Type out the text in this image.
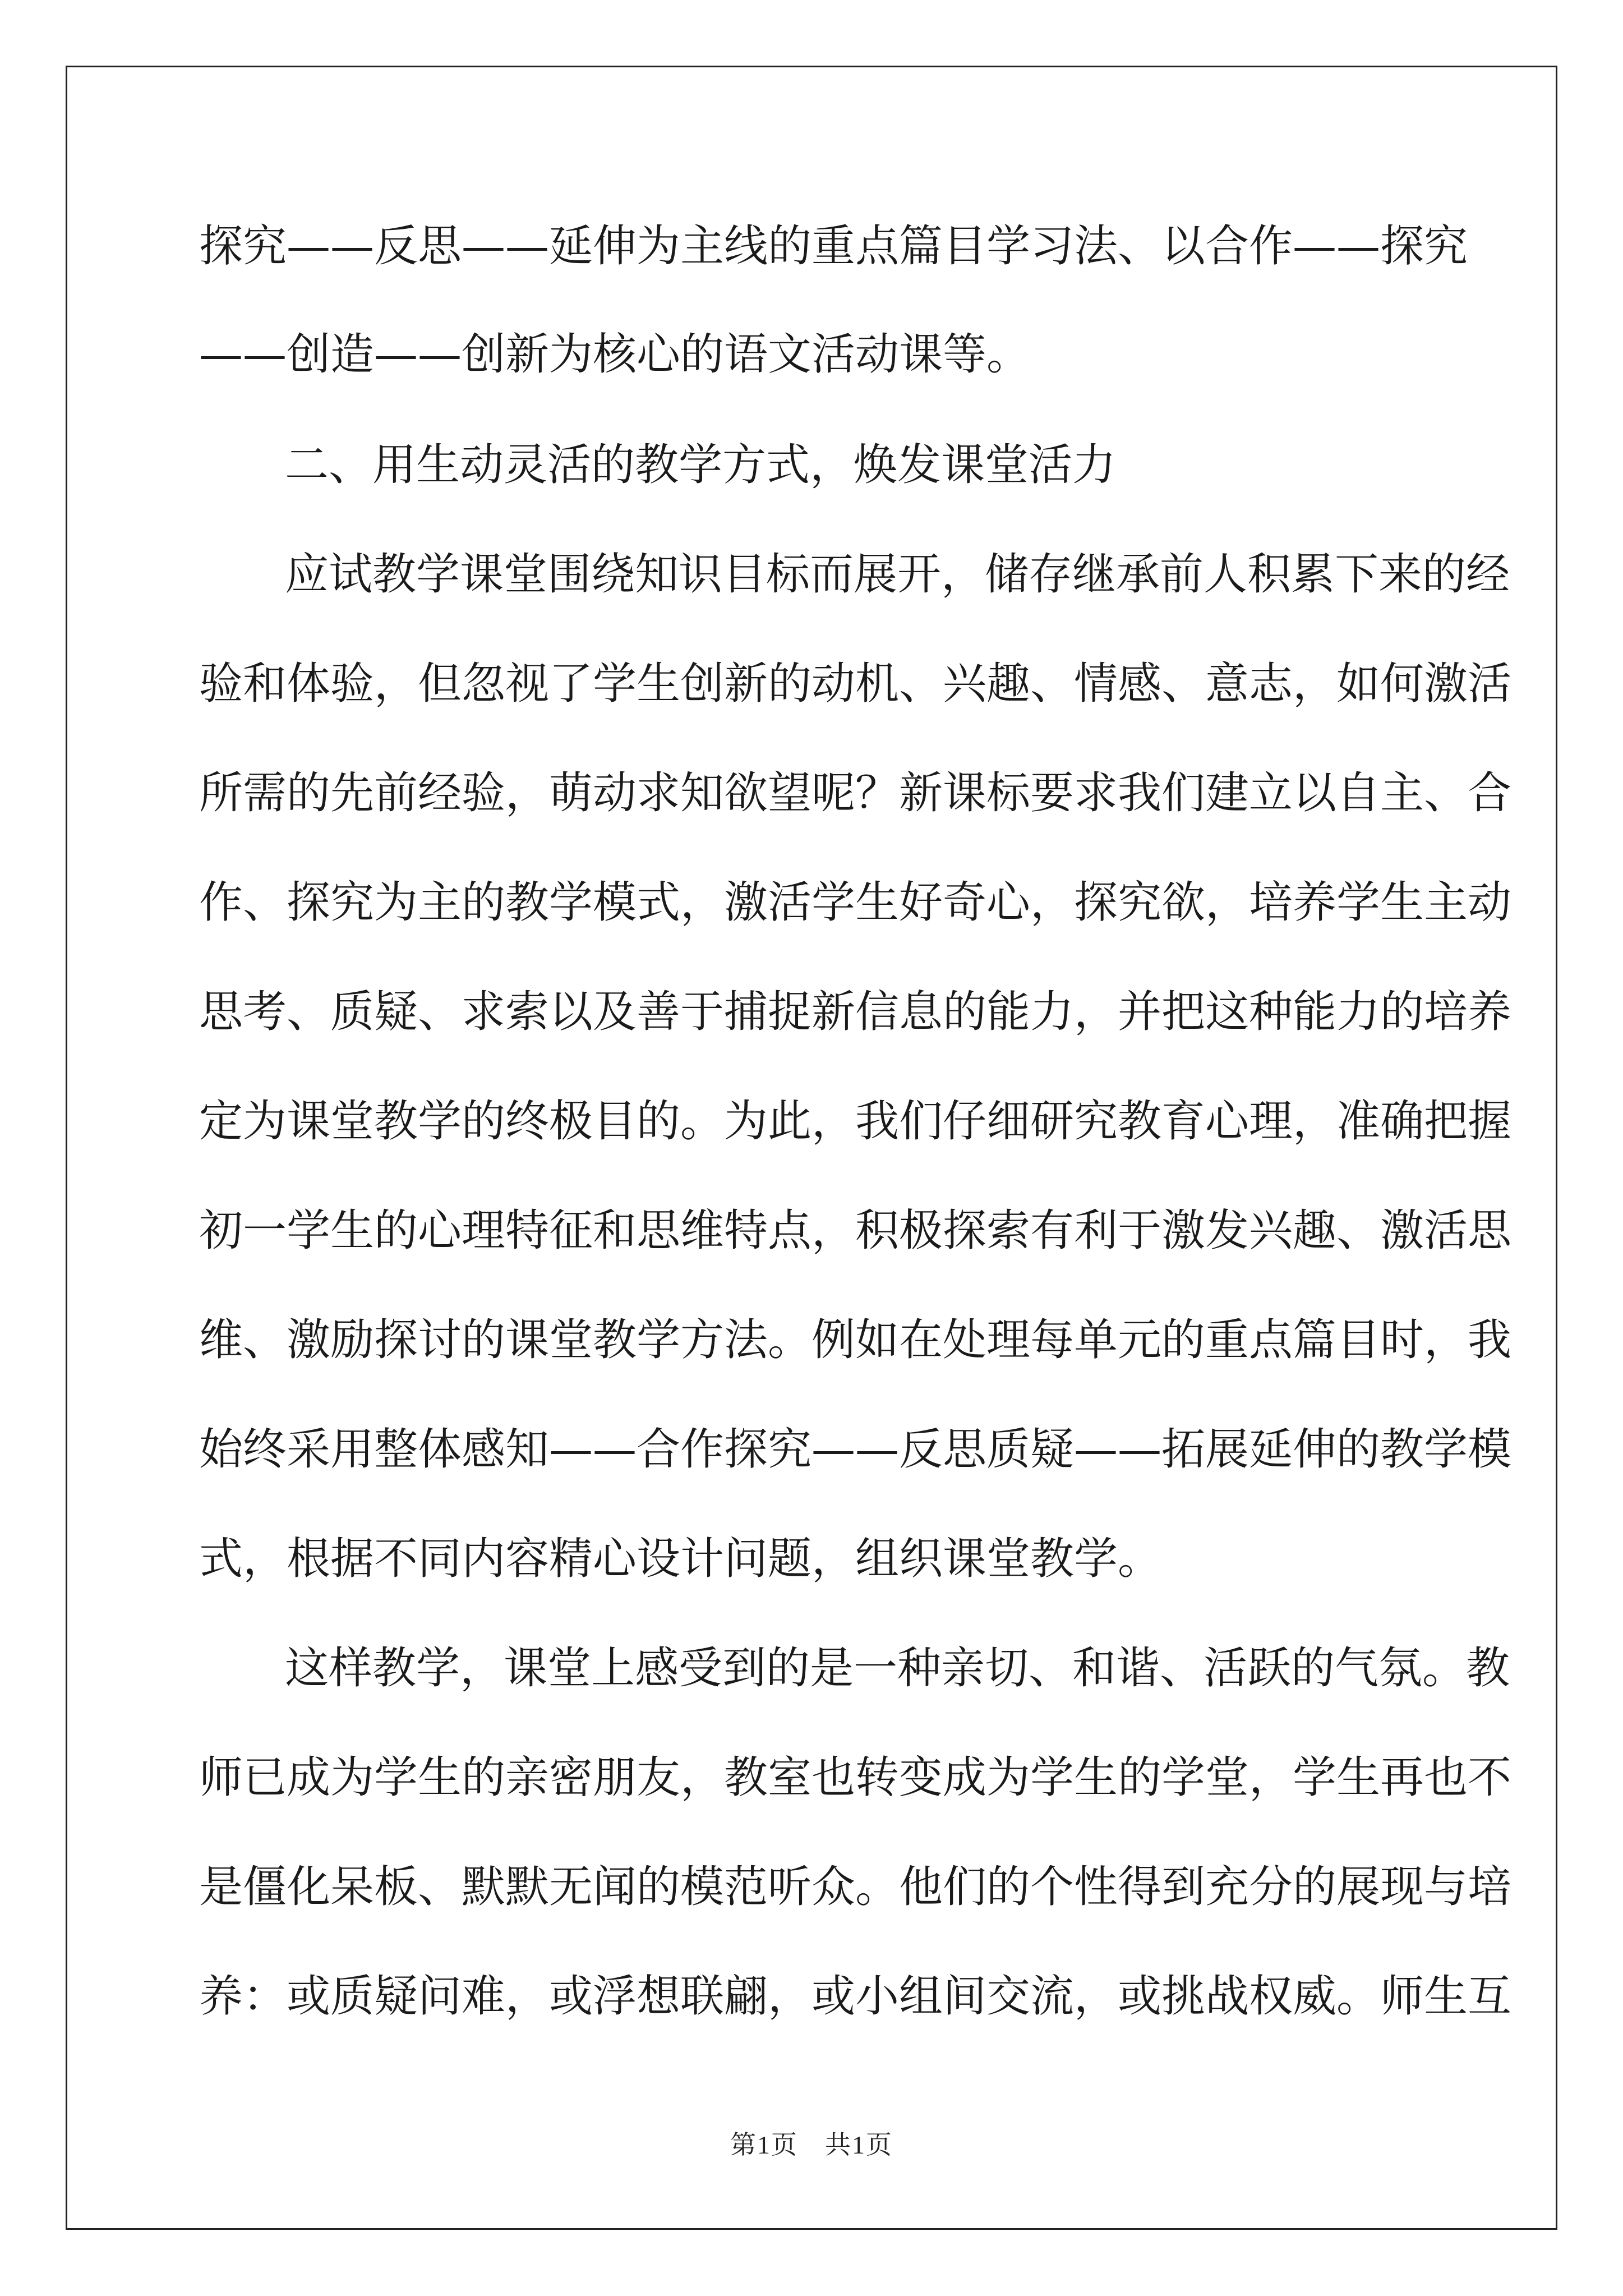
探究——反思——延伸为主线的重点篇目学习法、以合作——探究
——创造——创新为核心的语文活动课等。
二、用生动灵活的教学方式，焕发课堂活力
应试教学课堂围绕知识目标而展开，储存继承前人积累下来的经
验和体验，但忽视了学生创新的动机、兴趣、情感、意志，如何激活
所需的先前经验，萌动求知欲望呢？新课标要求我们建立以自主、合
作、探究为主的教学模式，激活学生好奇心，探究欲，培养学生主动
思考、质疑、求索以及善于捕捉新信息的能力，并把这种能力的培养
定为课堂教学的终极目的。为此，我们仔细研究教育心理，准确把握
初一学生的心理特征和思维特点，积极探索有利于激发兴趣、激活思
维、激励探讨的课堂教学方法。例如在处理每单元的重点篇目时，我
始终采用整体感知——合作探究——反思质疑——拓展延伸的教学模
式，根据不同内容精心设计问题，组织课堂教学。
这样教学，课堂上感受到的是一种亲切、和谐、活跃的气氛。教
师已成为学生的亲密朋友，教室也转变成为学生的学堂，学生再也不
是僵化呆板、默默无闻的模范听众。他们的个性得到充分的展现与培
养：或质疑问难，或浮想联翩，或小组间交流，或挑战权威。师生互
第1页　共1页
